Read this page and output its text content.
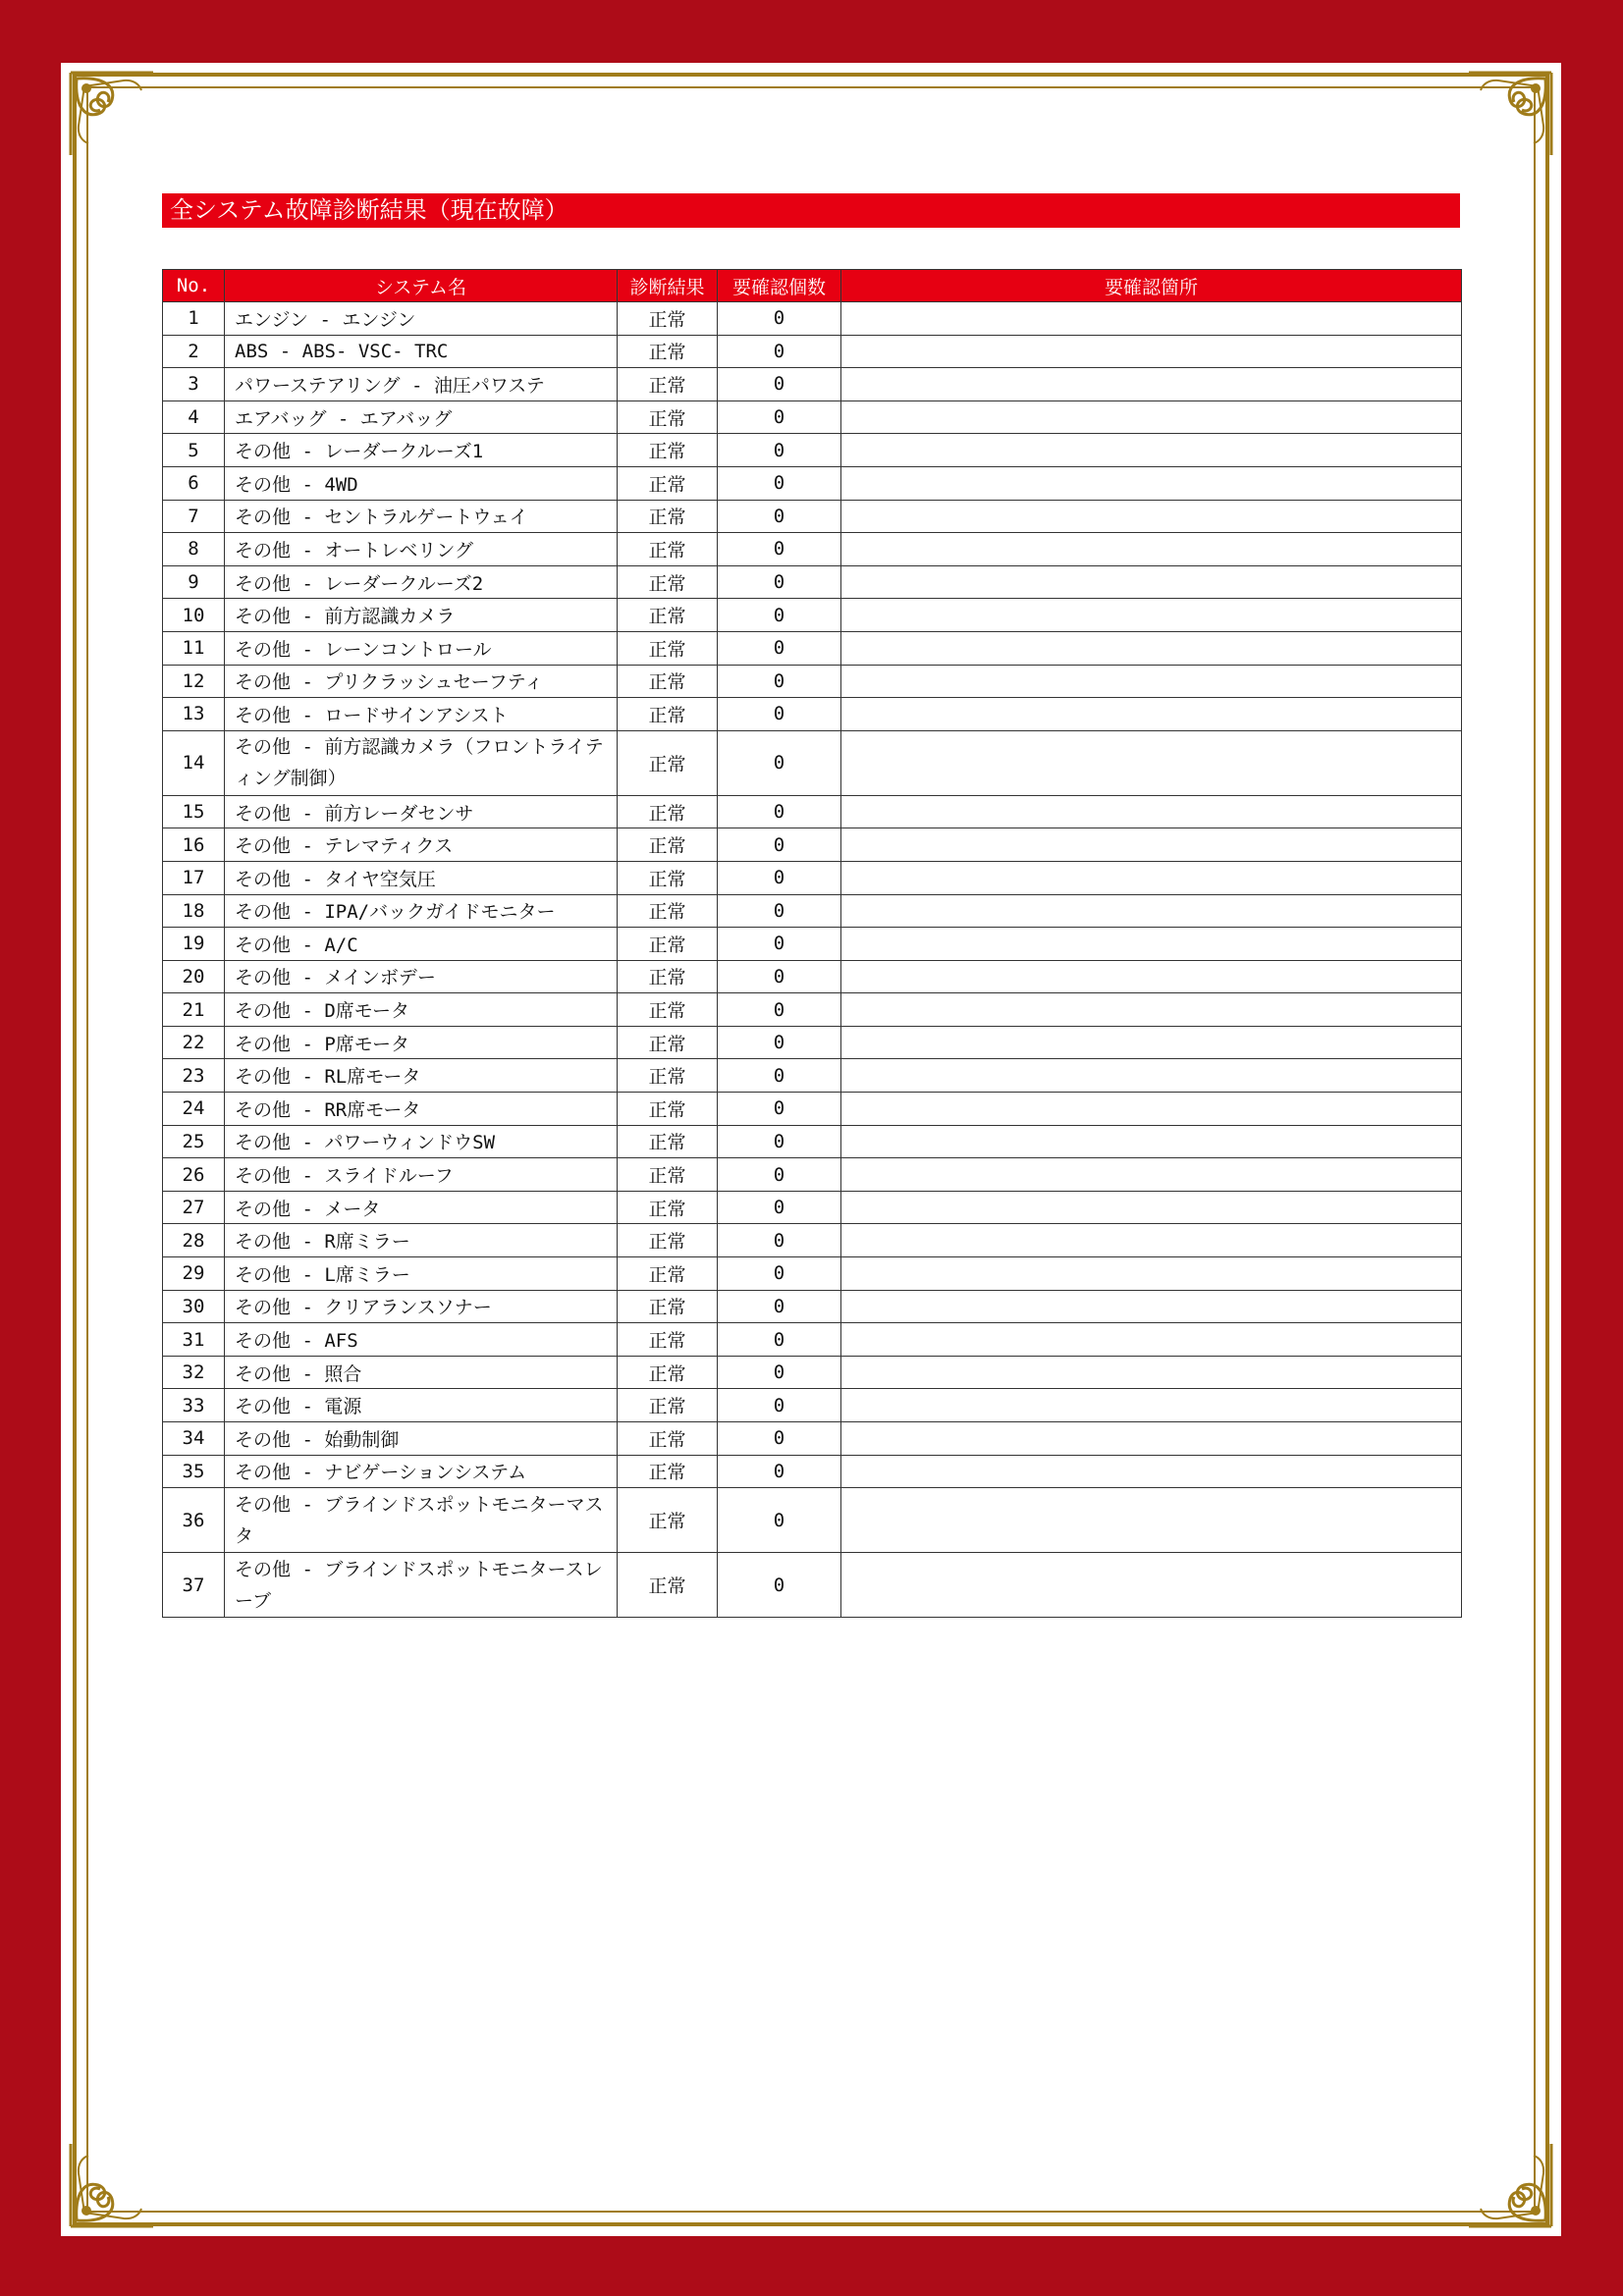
全システム故障診断結果（現在故障）
No.	システム名	診断結果	要確認個数	要確認箇所
1	エンジン - エンジン	正常	0	
2	ABS - ABS- VSC- TRC	正常	0	
3	パワーステアリング - 油圧パワステ	正常	0	
4	エアバッグ - エアバッグ	正常	0	
5	その他 - レーダークルーズ1	正常	0	
6	その他 - 4WD	正常	0	
7	その他 - セントラルゲートウェイ	正常	0	
8	その他 - オートレベリング	正常	0	
9	その他 - レーダークルーズ2	正常	0	
10	その他 - 前方認識カメラ	正常	0	
11	その他 - レーンコントロール	正常	0	
12	その他 - プリクラッシュセーフティ	正常	0	
13	その他 - ロードサインアシスト	正常	0	
14	その他 - 前方認識カメラ（フロントライティング制御）	正常	0	
15	その他 - 前方レーダセンサ	正常	0	
16	その他 - テレマティクス	正常	0	
17	その他 - タイヤ空気圧	正常	0	
18	その他 - IPA/バックガイドモニター	正常	0	
19	その他 - A/C	正常	0	
20	その他 - メインボデー	正常	0	
21	その他 - D席モータ	正常	0	
22	その他 - P席モータ	正常	0	
23	その他 - RL席モータ	正常	0	
24	その他 - RR席モータ	正常	0	
25	その他 - パワーウィンドウSW	正常	0	
26	その他 - スライドルーフ	正常	0	
27	その他 - メータ	正常	0	
28	その他 - R席ミラー	正常	0	
29	その他 - L席ミラー	正常	0	
30	その他 - クリアランスソナー	正常	0	
31	その他 - AFS	正常	0	
32	その他 - 照合	正常	0	
33	その他 - 電源	正常	0	
34	その他 - 始動制御	正常	0	
35	その他 - ナビゲーションシステム	正常	0	
36	その他 - ブラインドスポットモニターマスタ	正常	0	
37	その他 - ブラインドスポットモニタースレーブ	正常	0	
